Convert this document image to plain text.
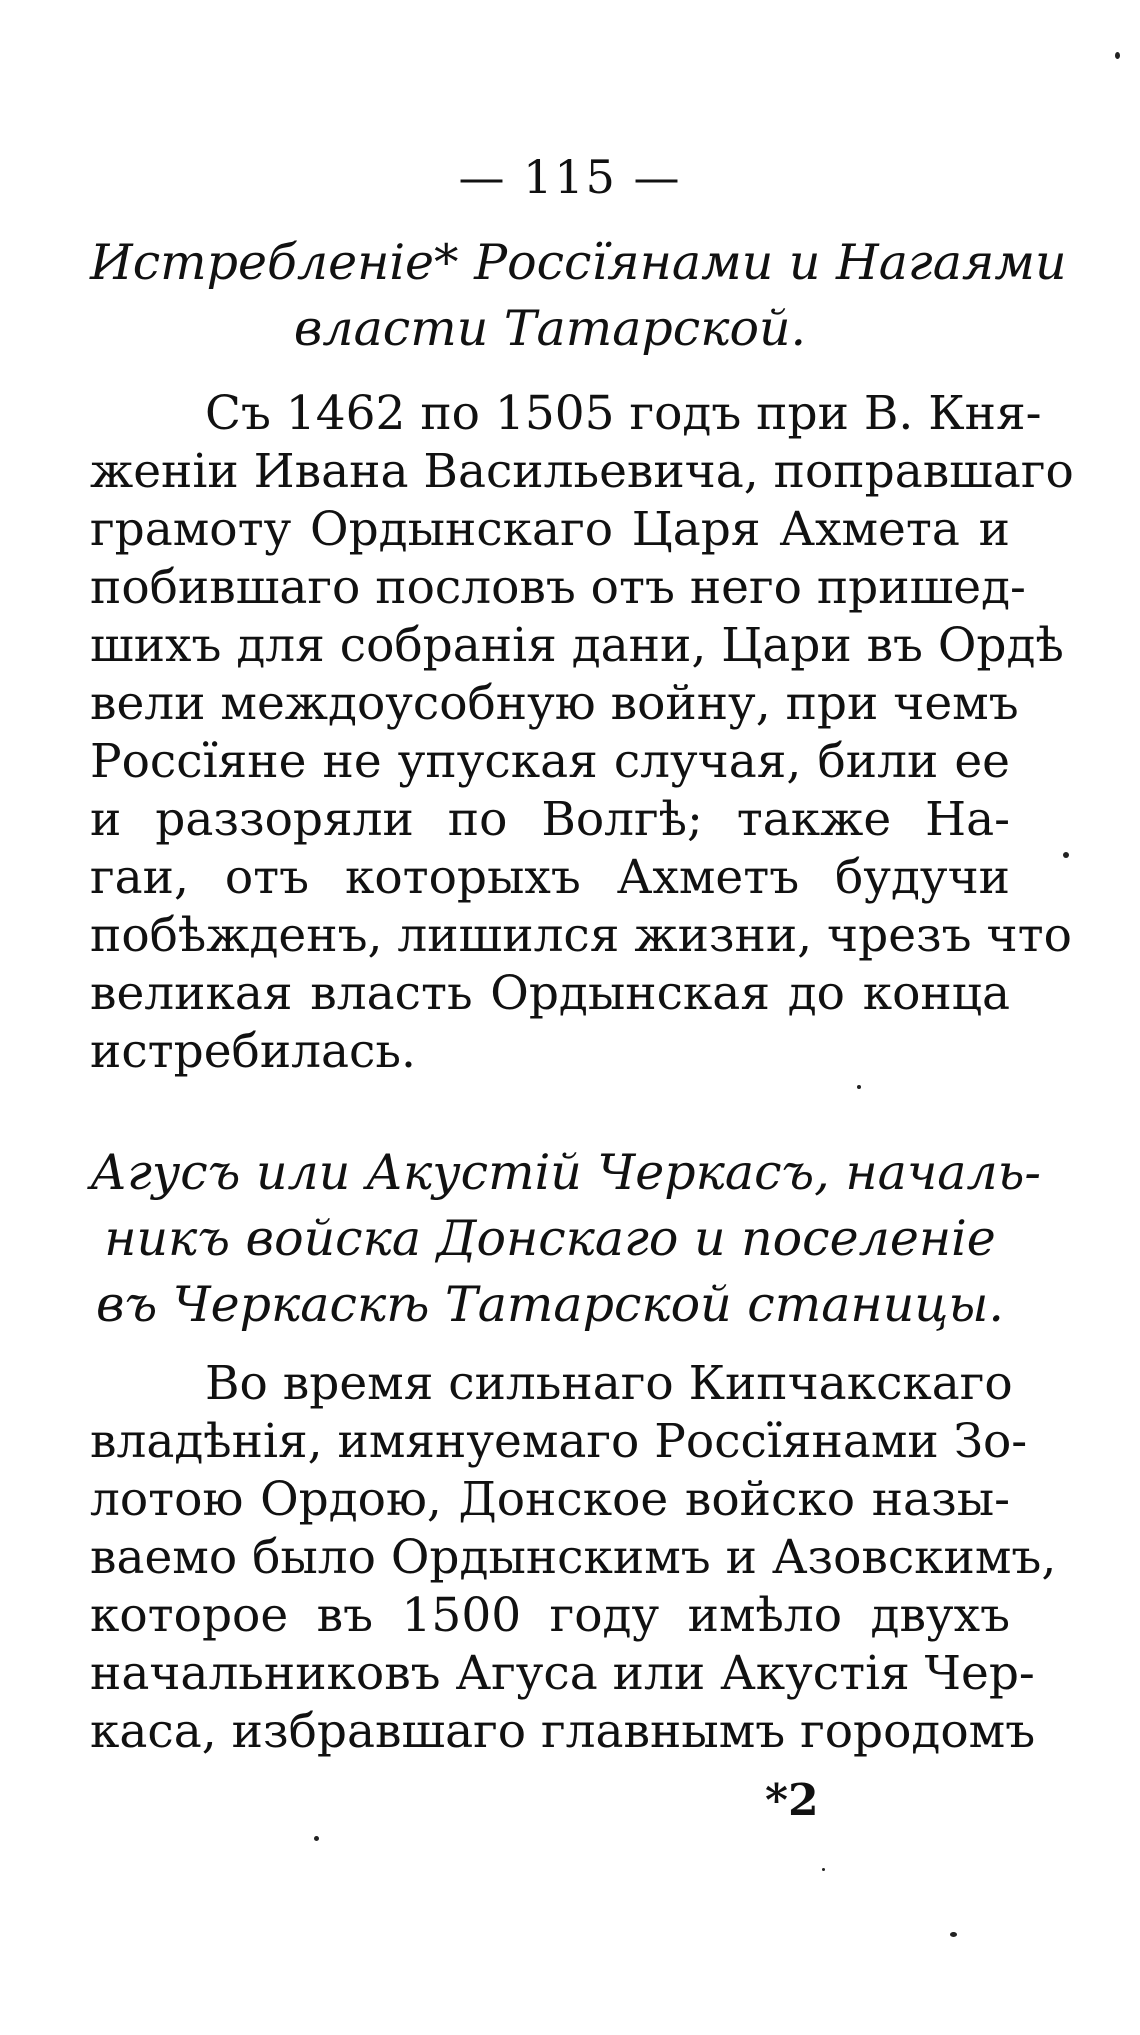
— 115 —
Истребленіе* Россїянами и Нагаями
власти Татарской.
Съ 1462 по 1505 годъ при В. Кня-
женіи Ивана Васильевича, поправшаго
грамоту Ордынскаго Царя Ахмета и
побившаго пословъ отъ него пришед-
шихъ для собранія дани, Цари въ Ордѣ
вели междоусобную войну, при чемъ
Россїяне не упуская случая, били ее
и раззоряли по Волгѣ; также На-
гаи, отъ которыхъ Ахметъ будучи
побѣжденъ, лишился жизни, чрезъ что
великая власть Ордынская до конца
истребилась.
Агусъ или Акустій Черкасъ, началь-
никъ войска Донскаго и поселеніе
въ Черкаскѣ Татарской станицы.
Во время сильнаго Кипчакскаго
владѣнія, имянуемаго Россїянами Зо-
лотою Ордою, Донское войско назы-
ваемо было Ордынскимъ и Азовскимъ,
которое въ 1500 году имѣло двухъ
начальниковъ Агуса или Акустія Чер-
каса, избравшаго главнымъ городомъ
*2
